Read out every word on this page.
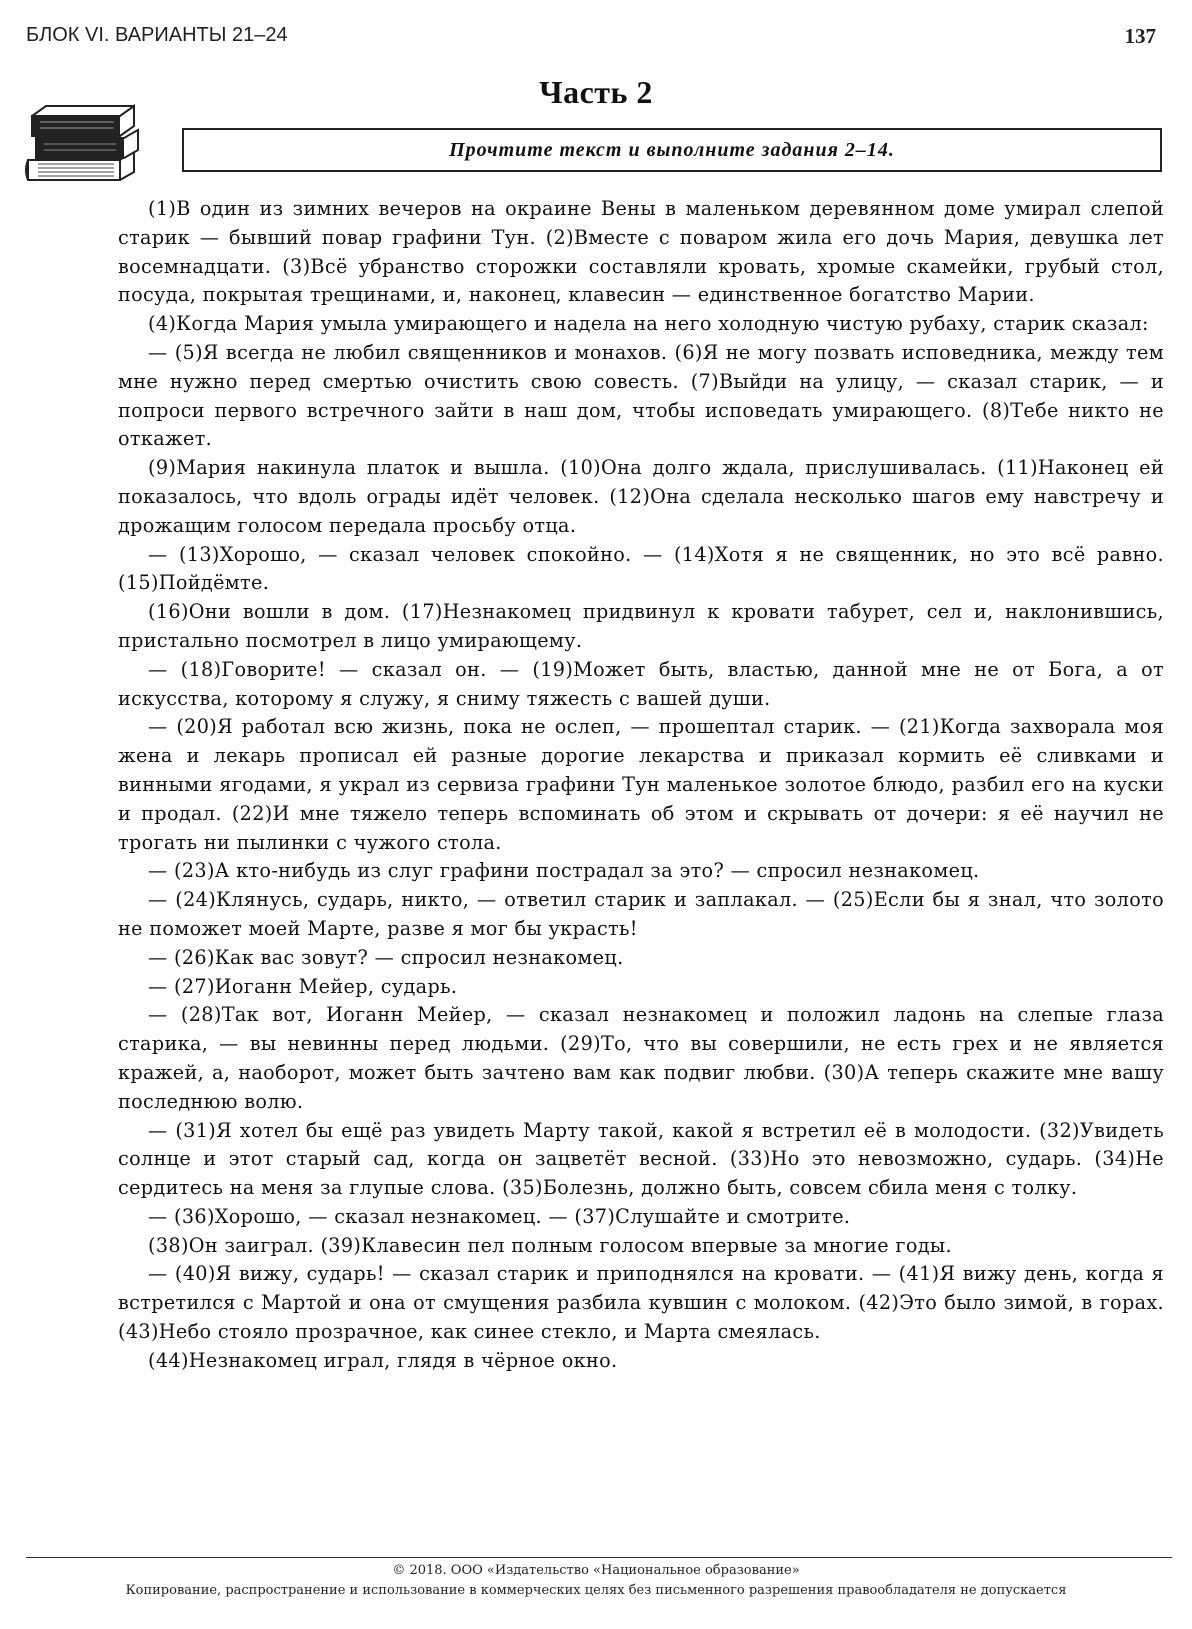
БЛОК VI. ВАРИАНТЫ 21–24	137
Часть 2
Прочтите текст и выполните задания 2–14.

(1)В один из зимних вечеров на окраине Вены в маленьком деревянном доме умирал слепой старик — бывший повар графини Тун. (2)Вместе с поваром жила его дочь Мария, девушка лет восемнадцати. (3)Всё убранство сторожки составляли кровать, хромые скамейки, грубый стол, посуда, покрытая трещинами, и, наконец, клавесин — единственное богатство Марии.

(4)Когда Мария умыла умирающего и надела на него холодную чистую рубаху, старик сказал:

— (5)Я всегда не любил священников и монахов. (6)Я не могу позвать исповедника, между тем мне нужно перед смертью очистить свою совесть. (7)Выйди на улицу, — сказал старик, — и попроси первого встречного зайти в наш дом, чтобы исповедать умирающего. (8)Тебе никто не откажет.

(9)Мария накинула платок и вышла. (10)Она долго ждала, прислушивалась. (11)Наконец ей показалось, что вдоль ограды идёт человек. (12)Она сделала несколько шагов ему навстречу и дрожащим голосом передала просьбу отца.

— (13)Хорошо, — сказал человек спокойно. — (14)Хотя я не священник, но это всё равно. (15)Пойдёмте.

(16)Они вошли в дом. (17)Незнакомец придвинул к кровати табурет, сел и, наклонившись, пристально посмотрел в лицо умирающему.

— (18)Говорите! — сказал он. — (19)Может быть, властью, данной мне не от Бога, а от искусства, которому я служу, я сниму тяжесть с вашей души.

— (20)Я работал всю жизнь, пока не ослеп, — прошептал старик. — (21)Когда захворала моя жена и лекарь прописал ей разные дорогие лекарства и приказал кормить её сливками и винными ягодами, я украл из сервиза графини Тун маленькое золотое блюдо, разбил его на куски и продал. (22)И мне тяжело теперь вспоминать об этом и скрывать от дочери: я её научил не трогать ни пылинки с чужого стола.

— (23)А кто-нибудь из слуг графини пострадал за это? — спросил незнакомец.

— (24)Клянусь, сударь, никто, — ответил старик и заплакал. — (25)Если бы я знал, что золото не поможет моей Марте, разве я мог бы украсть!

— (26)Как вас зовут? — спросил незнакомец.

— (27)Иоганн Мейер, сударь.

— (28)Так вот, Иоганн Мейер, — сказал незнакомец и положил ладонь на слепые глаза старика, — вы невинны перед людьми. (29)То, что вы совершили, не есть грех и не является кражей, а, наоборот, может быть зачтено вам как подвиг любви. (30)А теперь скажите мне вашу последнюю волю.

— (31)Я хотел бы ещё раз увидеть Марту такой, какой я встретил её в молодости. (32)Увидеть солнце и этот старый сад, когда он зацветёт весной. (33)Но это невозможно, сударь. (34)Не сердитесь на меня за глупые слова. (35)Болезнь, должно быть, совсем сбила меня с толку.

— (36)Хорошо, — сказал незнакомец. — (37)Слушайте и смотрите.

(38)Он заиграл. (39)Клавесин пел полным голосом впервые за многие годы.

— (40)Я вижу, сударь! — сказал старик и приподнялся на кровати. — (41)Я вижу день, когда я встретился с Мартой и она от смущения разбила кувшин с молоком. (42)Это было зимой, в горах. (43)Небо стояло прозрачное, как синее стекло, и Марта смеялась.

(44)Незнакомец играл, глядя в чёрное окно.

© 2018. ООО «Издательство «Национальное образование»
Копирование, распространение и использование в коммерческих целях без письменного разрешения правообладателя не допускается
